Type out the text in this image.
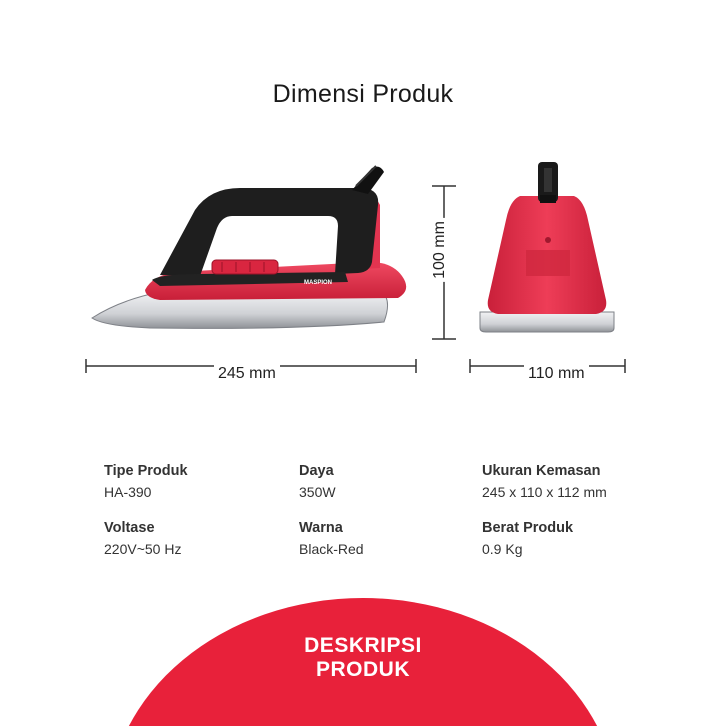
Dimensi Produk
MASPION
245 mm	110 mm
100 mm
Tipe Produk
HA-390
Daya
350W
Ukuran Kemasan
245 x 110 x 112 mm
Voltase
220V~50 Hz
Warna
Black-Red
Berat Produk
0.9 Kg
DESKRIPSI
PRODUK
